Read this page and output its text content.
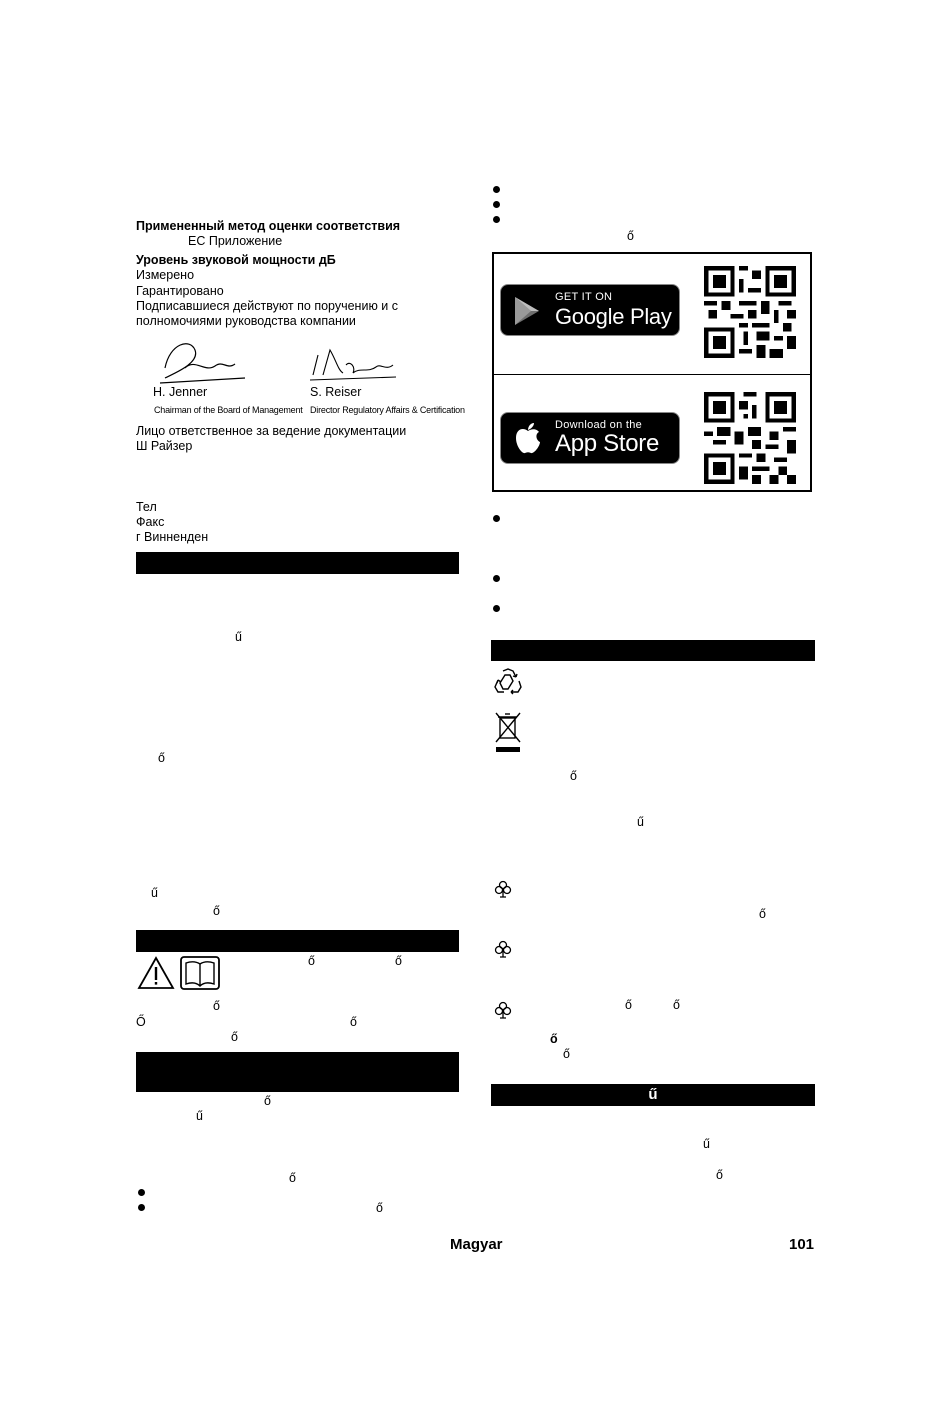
Примененный метод оценки соответствия
ЕС Приложение
Уровень звуковой мощности дБ
Измерено
Гарантировано
Подписавшиеся действуют по поручению и с
полномочиями руководства компании
H. Jenner
Chairman of the Board of Management
S. Reiser
Director Regulatory Affairs & Certification
Лицо ответственное за ведение документации
Ш Райзер
Тел
Факс
г Винненден
ű
ő
ű
ő
ő	ő
ő
Ő	ő
ő
ő
ű
ő
ő
ő
GET IT ON
Google Play
Download on the
App Store
ő
ű
ő
ő	ő
ő
ő
ű
ű
ő
Magyar	101
